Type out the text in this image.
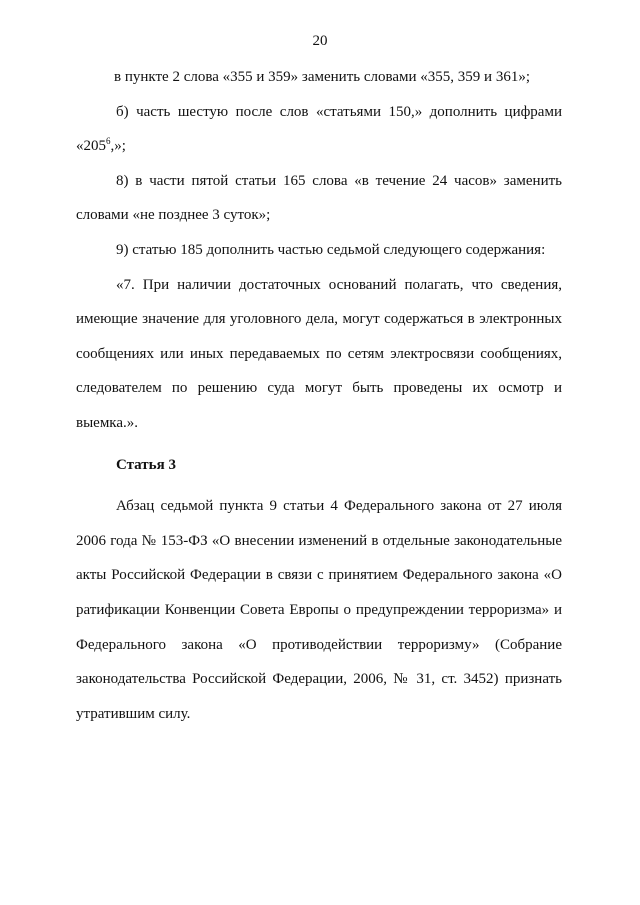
20

в пункте 2 слова «355 и 359» заменить словами «355, 359 и 361»;

б) часть шестую после слов «статьями 150,» дополнить цифрами «$205^6$,»;

8) в части пятой статьи 165 слова «в течение 24 часов» заменить словами «не позднее 3 суток»;

9) статью 185 дополнить частью седьмой следующего содержания:

«7. При наличии достаточных оснований полагать, что сведения, имеющие значение для уголовного дела, могут содержаться в электронных сообщениях или иных передаваемых по сетям электросвязи сообщениях, следователем по решению суда могут быть проведены их осмотр и выемка.».

Статья 3

Абзац седьмой пункта 9 статьи 4 Федерального закона от 27 июля 2006 года № 153-ФЗ «О внесении изменений в отдельные законодательные акты Российской Федерации в связи с принятием Федерального закона «О ратификации Конвенции Совета Европы о предупреждении терроризма» и Федерального закона «О противодействии терроризму» (Собрание законодательства Российской Федерации, 2006, № 31, ст. 3452) признать утратившим силу.
